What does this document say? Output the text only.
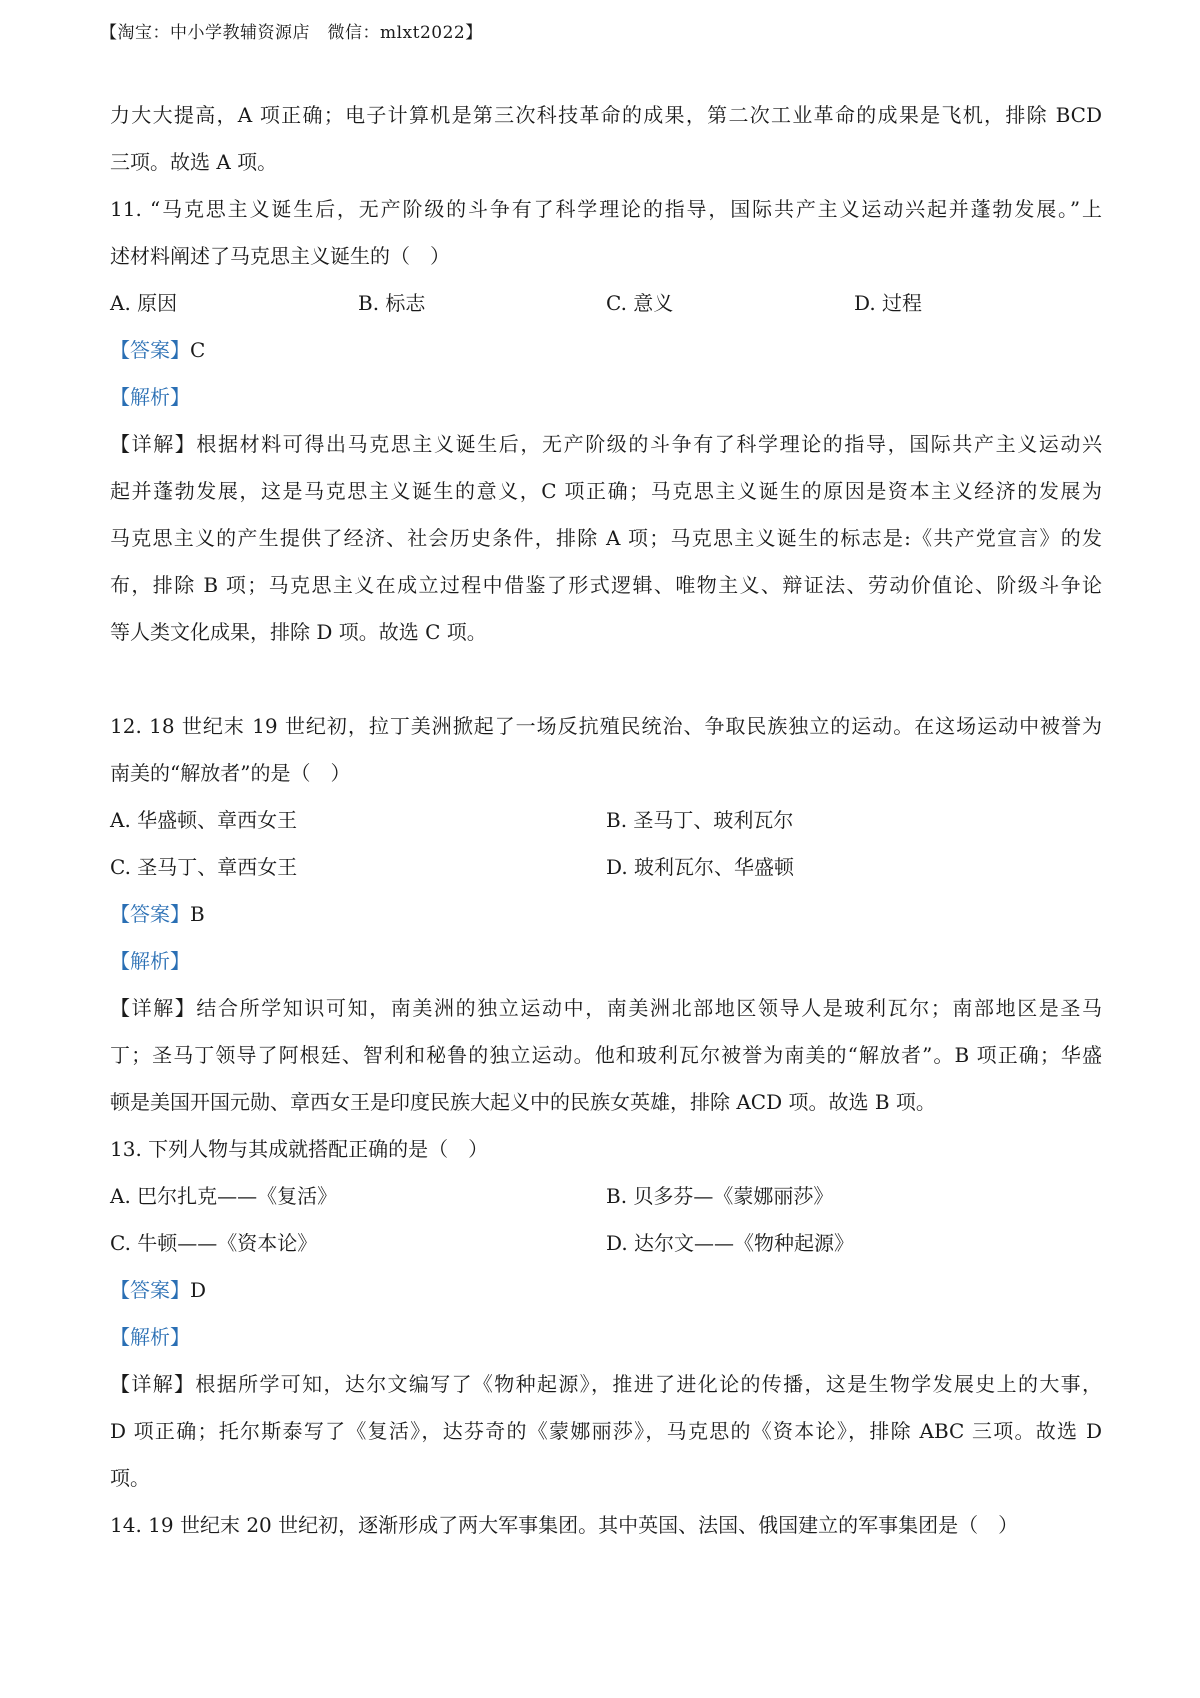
【淘宝：中小学教辅资源店　微信：mlxt2022】
力大大提高，A 项正确；电子计算机是第三次科技革命的成果，第二次工业革命的成果是飞机，排除 BCD
三项。故选 A 项。
11. “马克思主义诞生后，无产阶级的斗争有了科学理论的指导，国际共产主义运动兴起并蓬勃发展。”上
述材料阐述了马克思主义诞生的（　）
A. 原因	B. 标志	C. 意义	D. 过程
【答案】C
【解析】
【详解】根据材料可得出马克思主义诞生后，无产阶级的斗争有了科学理论的指导，国际共产主义运动兴
起并蓬勃发展，这是马克思主义诞生的意义，C 项正确；马克思主义诞生的原因是资本主义经济的发展为
马克思主义的产生提供了经济、社会历史条件，排除 A 项；马克思主义诞生的标志是:《共产党宣言》的发
布，排除 B 项；马克思主义在成立过程中借鉴了形式逻辑、唯物主义、辩证法、劳动价值论、阶级斗争论
等人类文化成果，排除 D 项。故选 C 项。
12. 18 世纪末 19 世纪初，拉丁美洲掀起了一场反抗殖民统治、争取民族独立的运动。在这场运动中被誉为
南美的“解放者”的是（　）
A. 华盛顿、章西女王	B. 圣马丁、玻利瓦尔
C. 圣马丁、章西女王	D. 玻利瓦尔、华盛顿
【答案】B
【解析】
【详解】结合所学知识可知，南美洲的独立运动中，南美洲北部地区领导人是玻利瓦尔；南部地区是圣马
丁；圣马丁领导了阿根廷、智利和秘鲁的独立运动。他和玻利瓦尔被誉为南美的“解放者”。B 项正确；华盛
顿是美国开国元勋、章西女王是印度民族大起义中的民族女英雄，排除 ACD 项。故选 B 项。
13. 下列人物与其成就搭配正确的是（　）
A. 巴尔扎克——《复活》	B. 贝多芬—《蒙娜丽莎》
C. 牛顿——《资本论》	D. 达尔文——《物种起源》
【答案】D
【解析】
【详解】根据所学可知，达尔文编写了《物种起源》，推进了进化论的传播，这是生物学发展史上的大事，
D 项正确；托尔斯泰写了《复活》，达芬奇的《蒙娜丽莎》，马克思的《资本论》，排除 ABC 三项。故选 D
项。
14. 19 世纪末 20 世纪初，逐渐形成了两大军事集团。其中英国、法国、俄国建立的军事集团是（　）
